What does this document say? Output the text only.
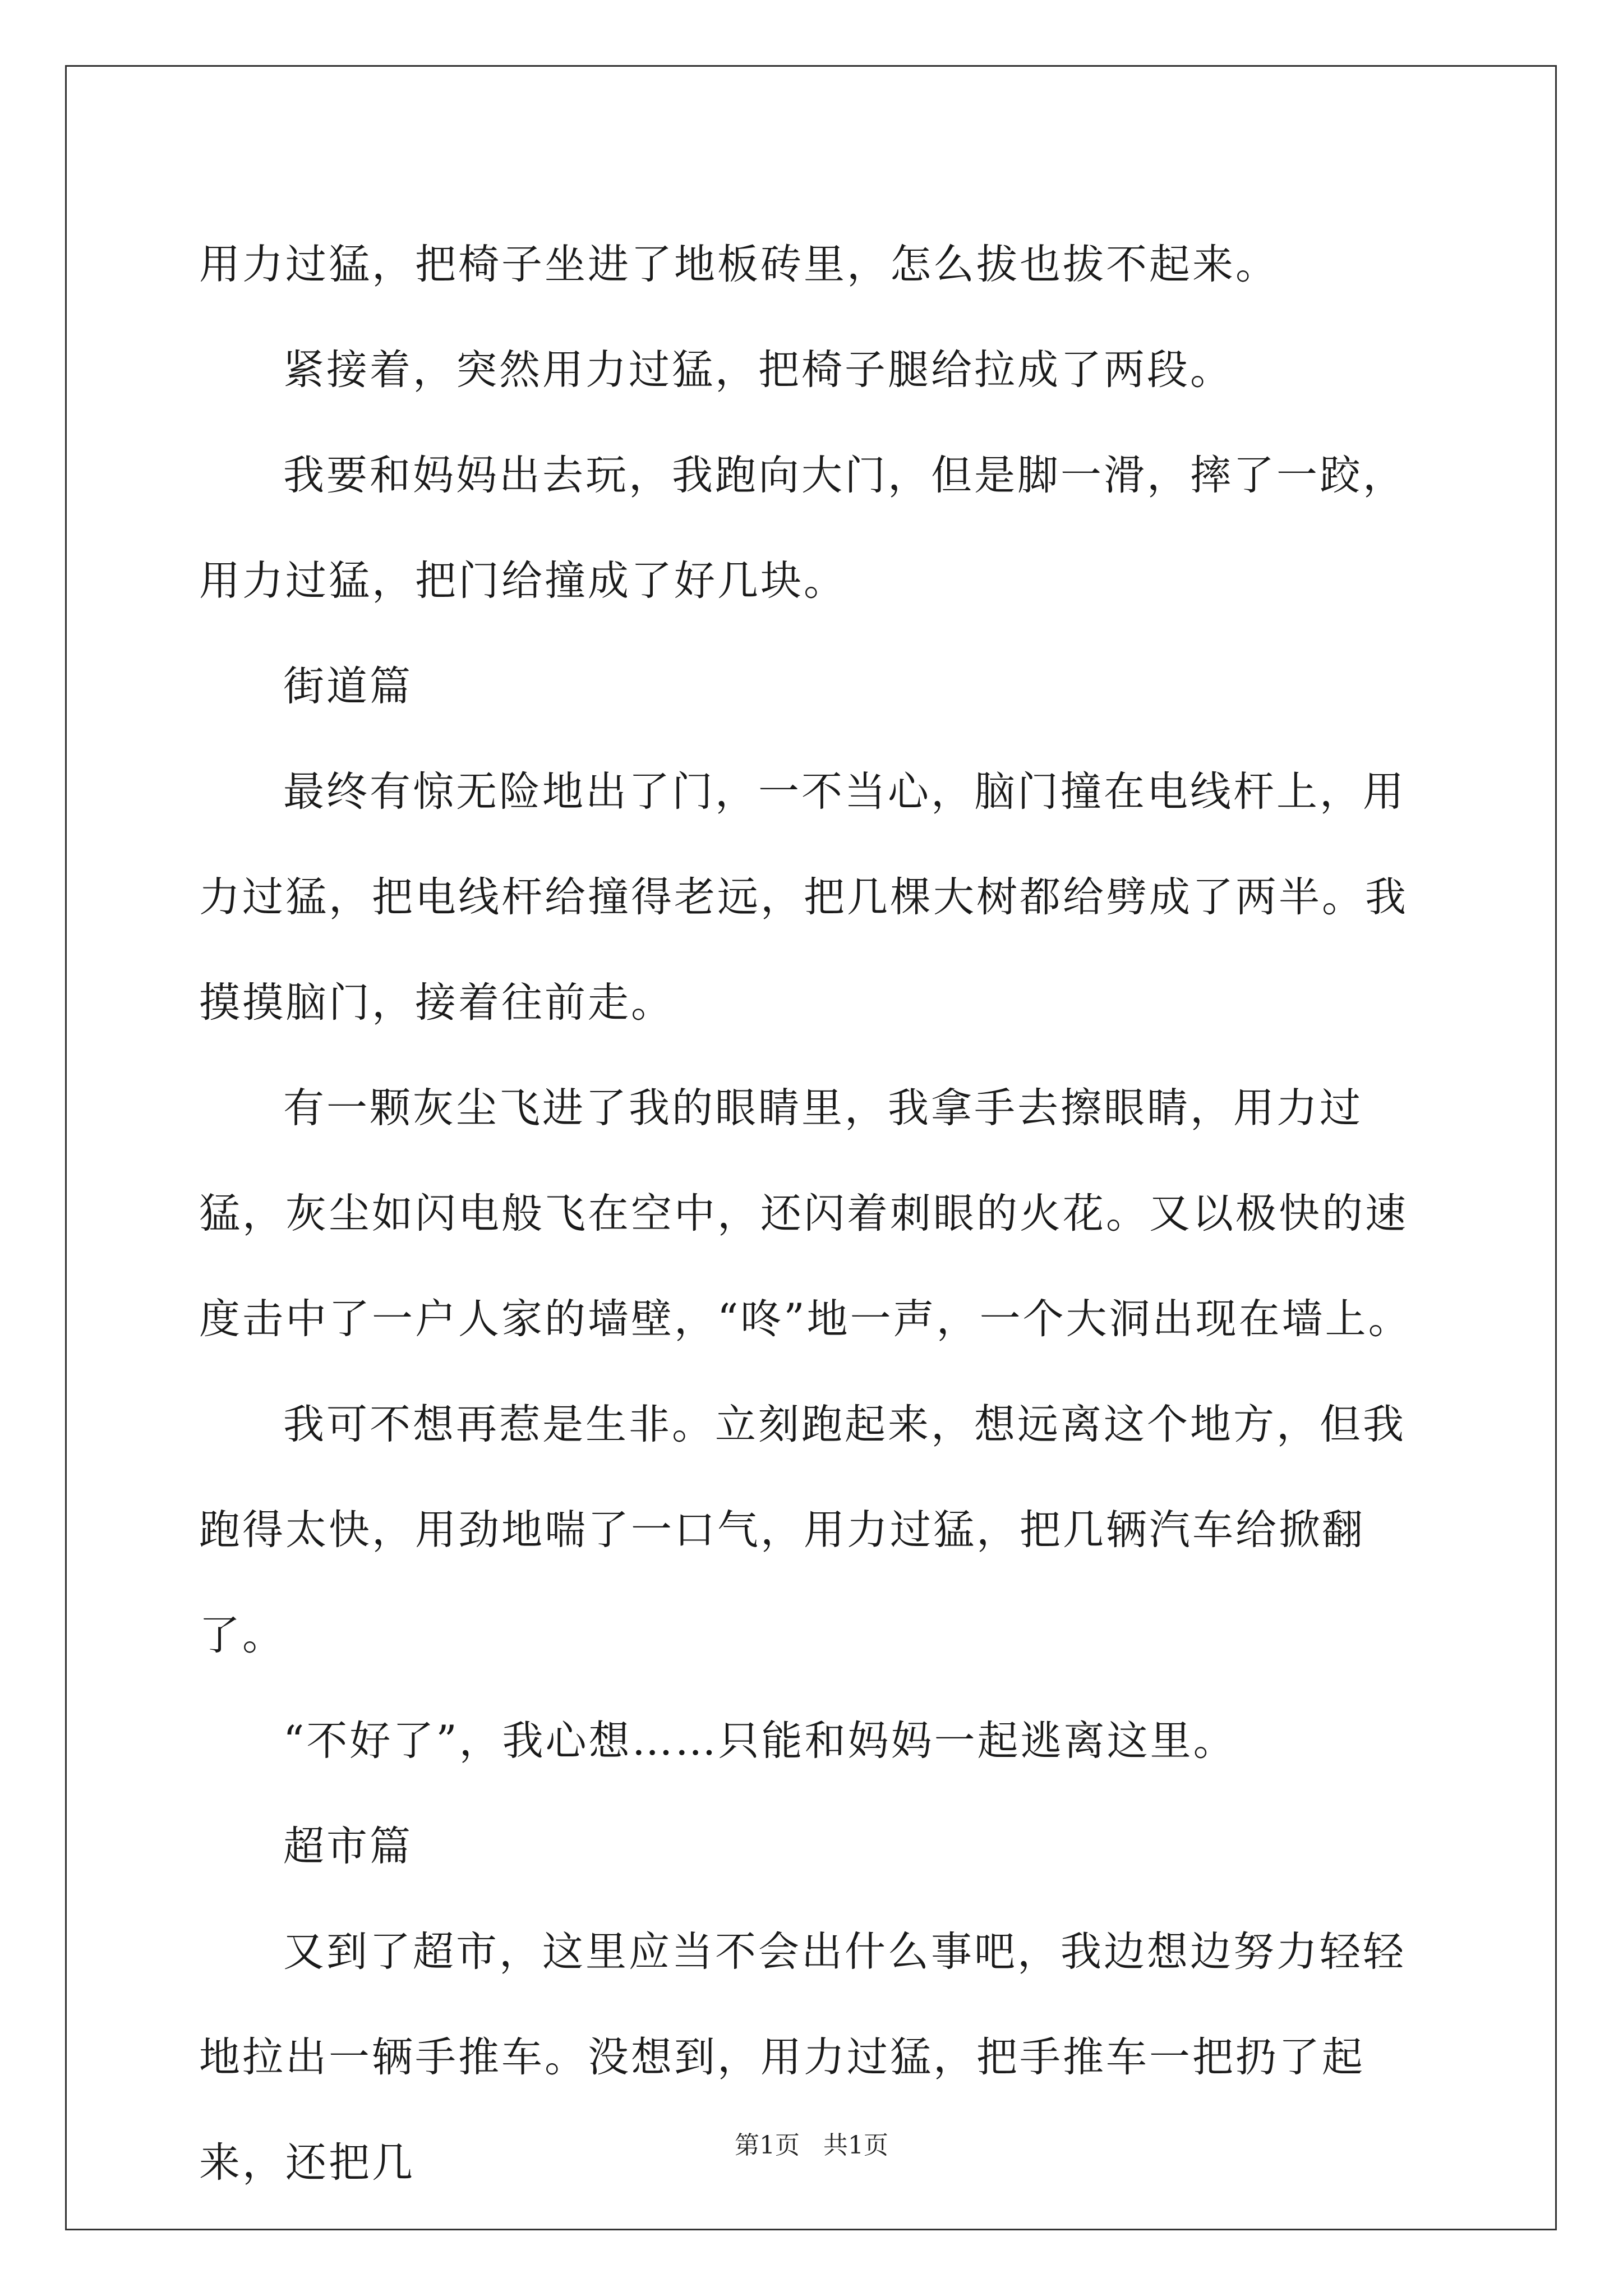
用力过猛，把椅子坐进了地板砖里，怎么拔也拔不起来。

紧接着，突然用力过猛，把椅子腿给拉成了两段。

我要和妈妈出去玩，我跑向大门，但是脚一滑，摔了一跤，用力过猛，把门给撞成了好几块。

街道篇

最终有惊无险地出了门，一不当心，脑门撞在电线杆上，用力过猛，把电线杆给撞得老远，把几棵大树都给劈成了两半。我摸摸脑门，接着往前走。

有一颗灰尘飞进了我的眼睛里，我拿手去擦眼睛，用力过猛，灰尘如闪电般飞在空中，还闪着刺眼的火花。又以极快的速度击中了一户人家的墙壁，“咚”地一声，一个大洞出现在墙上。

我可不想再惹是生非。立刻跑起来，想远离这个地方，但我跑得太快，用劲地喘了一口气，用力过猛，把几辆汽车给掀翻了。

“不好了”，我心想……只能和妈妈一起逃离这里。

超市篇

又到了超市，这里应当不会出什么事吧，我边想边努力轻轻地拉出一辆手推车。没想到，用力过猛，把手推车一把扔了起来，还把几	第1页   共1页
